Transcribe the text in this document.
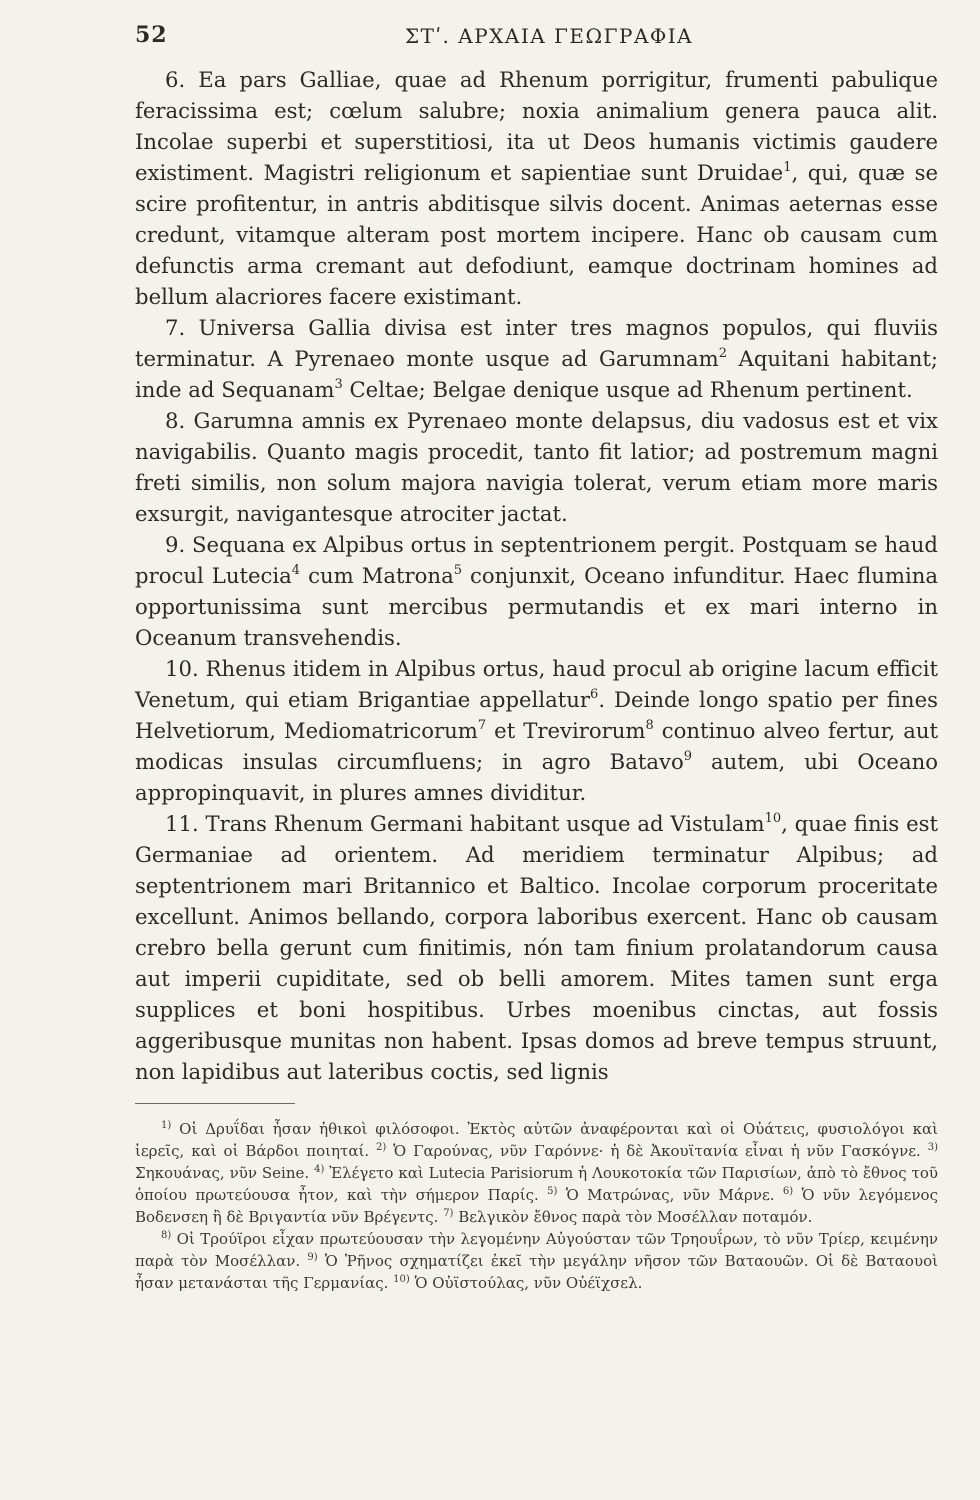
52	ΣΤʹ. ΑΡΧΑΙΑ ΓΕΩΓΡΑΦΙΑ

6. Ea pars Galliae, quae ad Rhenum porrigitur, frumenti pabulique feracissima est; cœlum salubre; noxia animalium genera pauca alit. Incolae superbi et superstitiosi, ita ut Deos humanis victimis gaudere existiment. Magistri religionum et sapientiae sunt Druidae$^1$, qui, quæ se scire profitentur, in antris abditisque silvis docent. Animas aeternas esse credunt, vitamque alteram post mortem incipere. Hanc ob causam cum defunctis arma cremant aut defodiunt, eamque doctrinam homines ad bellum alacriores facere existimant.

7. Universa Gallia divisa est inter tres magnos populos, qui fluviis terminatur. A Pyrenaeo monte usque ad Garumnam$^2$ Aquitani habitant; inde ad Sequanam$^3$ Celtae; Belgae denique usque ad Rhenum pertinent.

8. Garumna amnis ex Pyrenaeo monte delapsus, diu vadosus est et vix navigabilis. Quanto magis procedit, tanto fit latior; ad postremum magni freti similis, non solum majora navigia tolerat, verum etiam more maris exsurgit, navigantesque atrociter jactat.

9. Sequana ex Alpibus ortus in septentrionem pergit. Postquam se haud procul Lutecia$^4$ cum Matrona$^5$ conjunxit, Oceano infunditur. Haec flumina opportunissima sunt mercibus permutandis et ex mari interno in Oceanum transvehendis.

10. Rhenus itidem in Alpibus ortus, haud procul ab origine lacum efficit Venetum, qui etiam Brigantiae appellatur$^6$. Deinde longo spatio per fines Helvetiorum, Mediomatricorum$^7$ et Trevirorum$^8$ continuo alveo fertur, aut modicas insulas circumfluens; in agro Batavo$^9$ autem, ubi Oceano appropinquavit, in plures amnes dividitur.

11. Trans Rhenum Germani habitant usque ad Vistulam$^{10}$, quae finis est Germaniae ad orientem. Ad meridiem terminatur Alpibus; ad septentrionem mari Britannico et Baltico. Incolae corporum proceritate excellunt. Animos bellando, corpora laboribus exercent. Hanc ob causam crebro bella gerunt cum finitimis, nón tam finium prolatandorum causa aut imperii cupiditate, sed ob belli amorem. Mites tamen sunt erga supplices et boni hospitibus. Urbes moenibus cinctas, aut fossis aggeribusque munitas non habent. Ipsas domos ad breve tempus struunt, non lapidibus aut lateribus coctis, sed lignis

$^{1)}$ Οἱ Δρυΐδαι ἦσαν ἠθικοὶ φιλόσοφοι. Ἐκτὸς αὐτῶν ἀναφέρονται καὶ οἱ Οὐάτεις, φυσιολόγοι καὶ ἱερεῖς, καὶ οἱ Βάρδοι ποιηταί. $^{2)}$ Ὁ Γαρούνας, νῦν Γαρόννε· ἡ δὲ Ἀκουϊτανία εἶναι ἡ νῦν Γασκόγνε. $^{3)}$ Σηκουάνας, νῦν Seine. $^{4)}$ Ἐλέγετο καὶ Lutecia Parisiorum ἡ Λουκοτοκία τῶν Παρισίων, ἀπὸ τὸ ἔθνος τοῦ ὁποίου πρωτεύουσα ἦτον, καὶ τὴν σήμερον Παρίς. $^{5)}$ Ὁ Ματρώνας, νῦν Μάρνε. $^{6)}$ Ὁ νῦν λεγόμενος Βοδενσεη ἢ δὲ Βριγαντία νῦν Βρέγεντς. $^{7)}$ Βελγικὸν ἔθνος παρὰ τὸν Μοσέλλαν ποταμόν.

$^{8)}$ Οἱ Τρούϊροι εἶχαν πρωτεύουσαν τὴν λεγομένην Αὐγούσταν τῶν Τρηουΐρων, τὸ νῦν Τρίερ, κειμένην παρὰ τὸν Μοσέλλαν. $^{9)}$ Ὁ Ῥῆνος σχηματίζει ἐκεῖ τὴν μεγάλην νῆσον τῶν Βαταουῶν. Οἱ δὲ Βαταουοὶ ἦσαν μετανάσται τῆς Γερμανίας. $^{10)}$ Ὁ Οὐϊστούλας, νῦν Οὐέϊχσελ.
